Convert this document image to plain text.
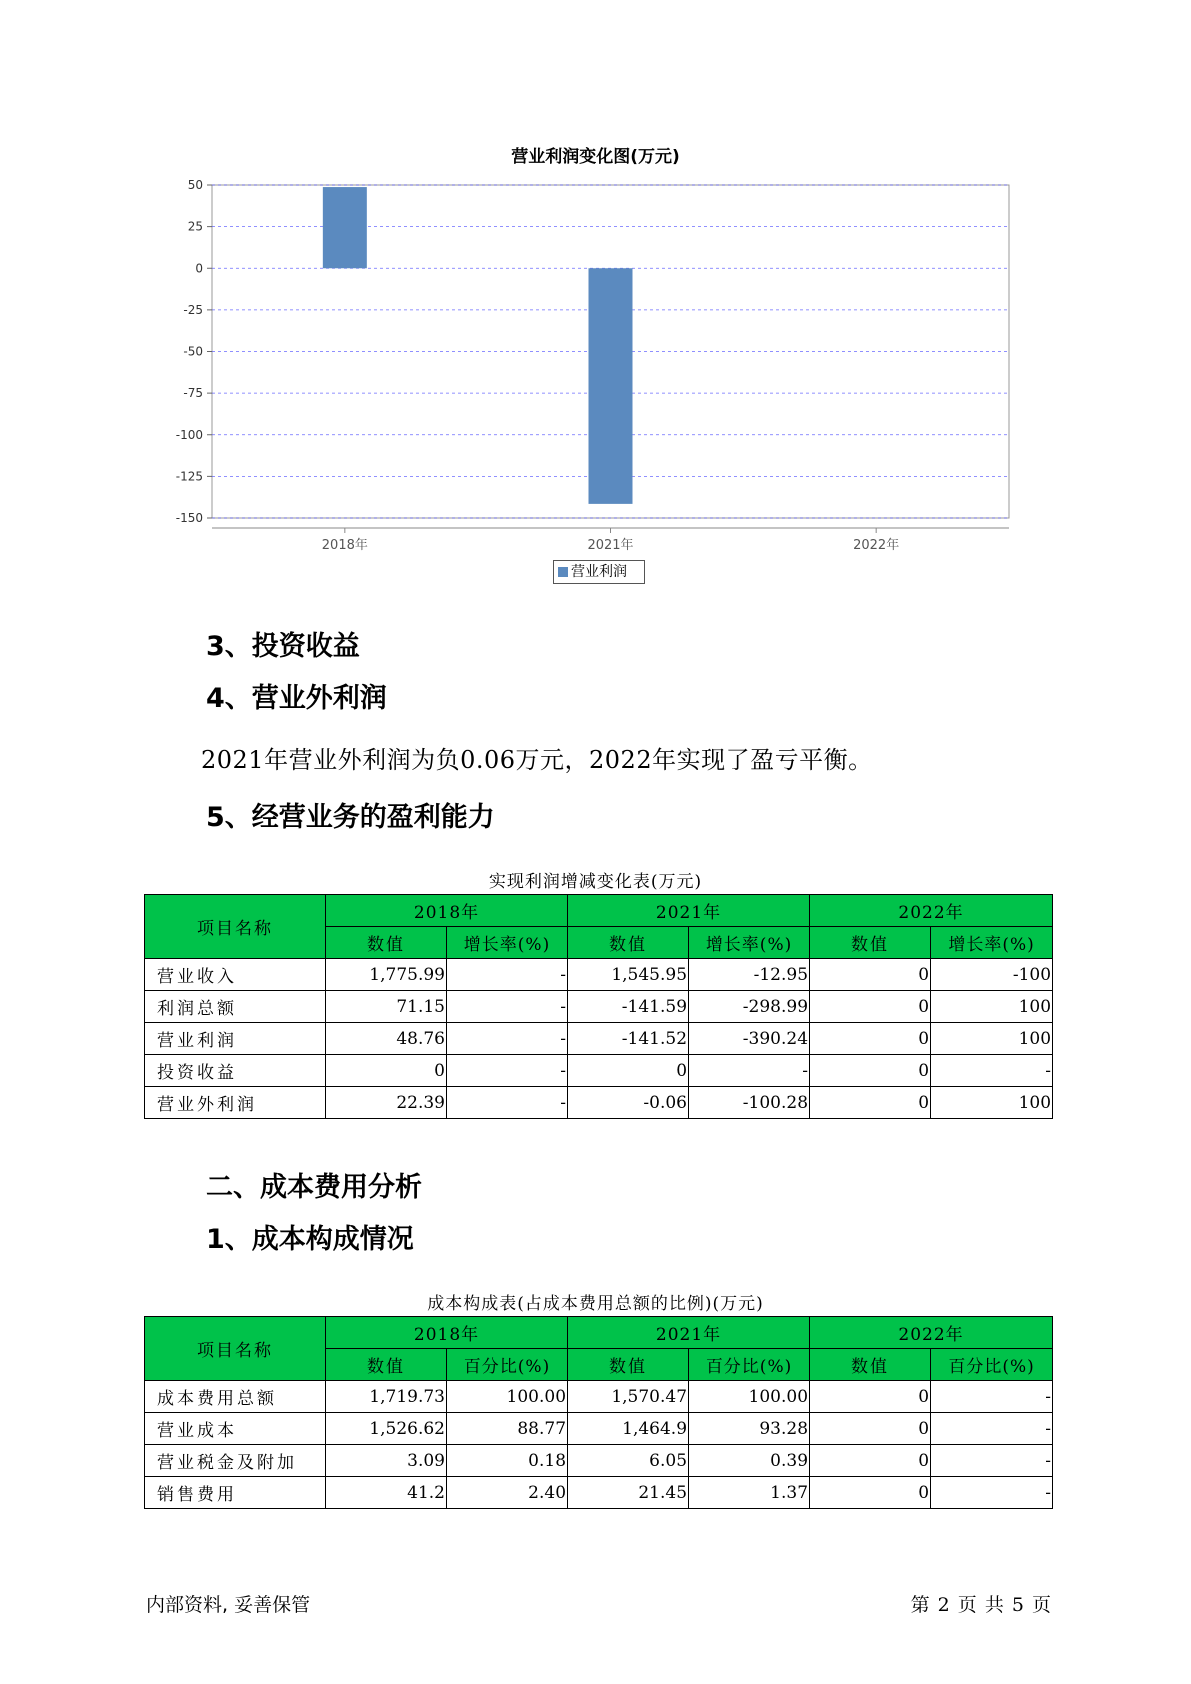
营业利润变化图(万元)
50
25
0
-25
-50
-75
-100
-125
-150
2018年	2021年	2022年
营业利润
3、投资收益
4、营业外利润
2021年营业外利润为负0.06万元，2022年实现了盈亏平衡。
5、经营业务的盈利能力
实现利润增减变化表(万元)
项目名称	2018年		2021年		2022年	
	数值	增长率(%)	数值	增长率(%)	数值	增长率(%)
营业收入	1,775.99	-	1,545.95	-12.95	0	-100
利润总额	71.15	-	-141.59	-298.99	0	100
营业利润	48.76	-	-141.52	-390.24	0	100
投资收益	0	-	0	-	0	-
营业外利润	22.39	-	-0.06	-100.28	0	100
二、成本费用分析
1、成本构成情况
成本构成表(占成本费用总额的比例)(万元)
项目名称	2018年		2021年		2022年	
	数值	百分比(%)	数值	百分比(%)	数值	百分比(%)
成本费用总额	1,719.73	100.00	1,570.47	100.00	0	-
营业成本	1,526.62	88.77	1,464.9	93.28	0	-
营业税金及附加	3.09	0.18	6.05	0.39	0	-
销售费用	41.2	2.40	21.45	1.37	0	-
内部资料, 妥善保管	第 2 页 共 5 页
